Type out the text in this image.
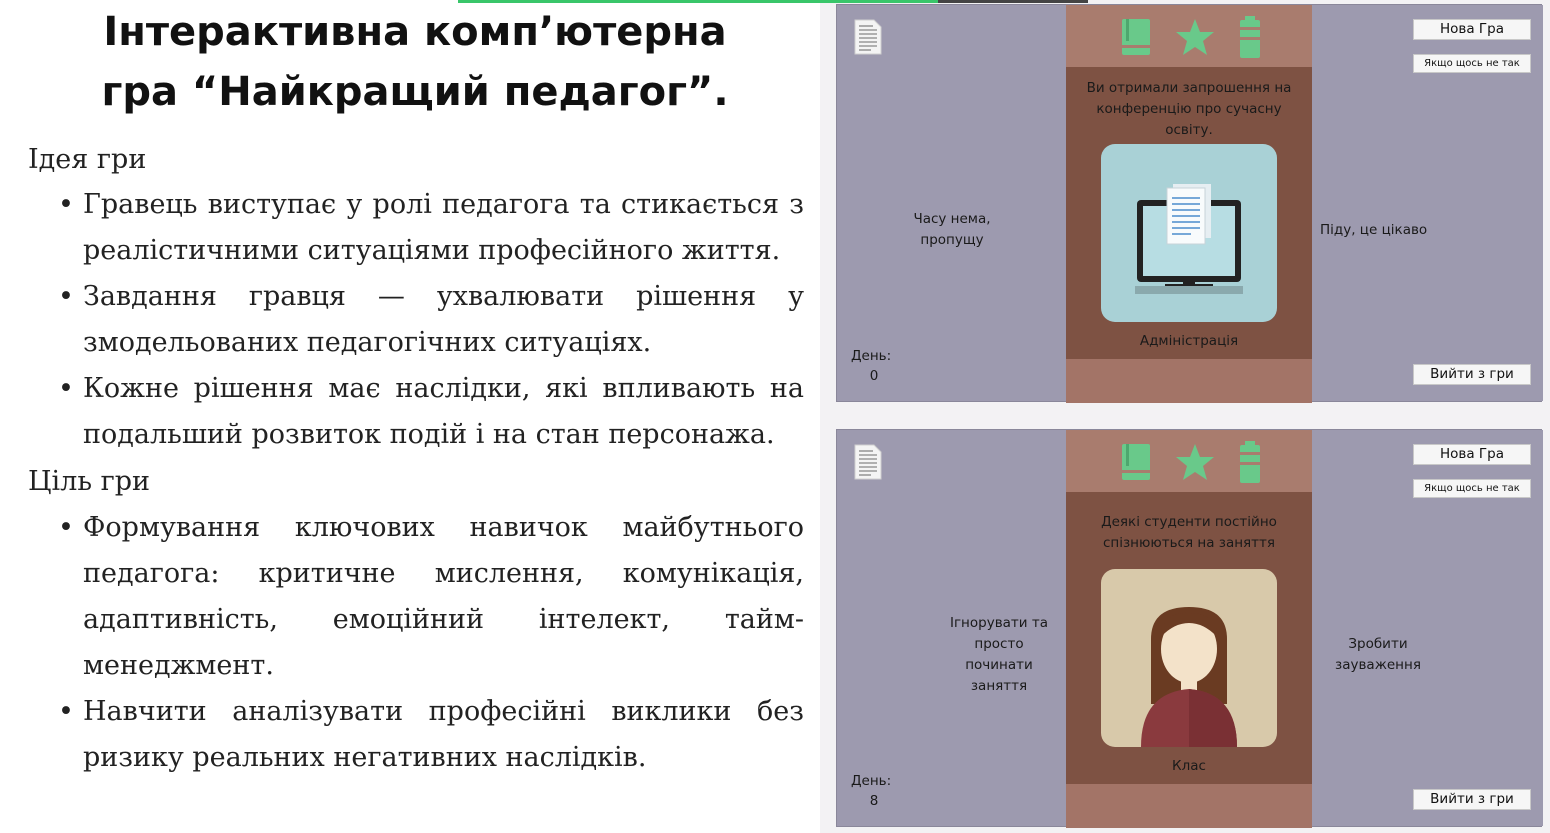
Інтерактивна комп’ютерна
гра “Найкращий педагог”.
Ідея гри
• Гравець виступає у ролі педагога та стикається з реалістичними ситуаціями професійного життя.
• Завдання гравця — ухвалювати рішення у змодельованих педагогічних ситуаціях.
• Кожне рішення має наслідки, які впливають на подальший розвиток подій і на стан персонажа.
Ціль гри
• Формування ключових навичок майбутнього педагога: критичне мислення, комунікація, адаптивність, емоційний інтелект, тайм-менеджмент.
• Навчити аналізувати професійні виклики без ризику реальних негативних наслідків.
Часу нема, пропущу
День:
0
Ви отримали запрошення на конференцію про сучасну освіту.
Адміністрація
Нова Гра
Якщо щось не так
Піду, це цікаво
Вийти з гри
Ігнорувати та просто починати заняття
День:
8
Деякі студенти постійно спізнюються на заняття
Клас
Нова Гра
Якщо щось не так
Зробити зауваження
Вийти з гри
